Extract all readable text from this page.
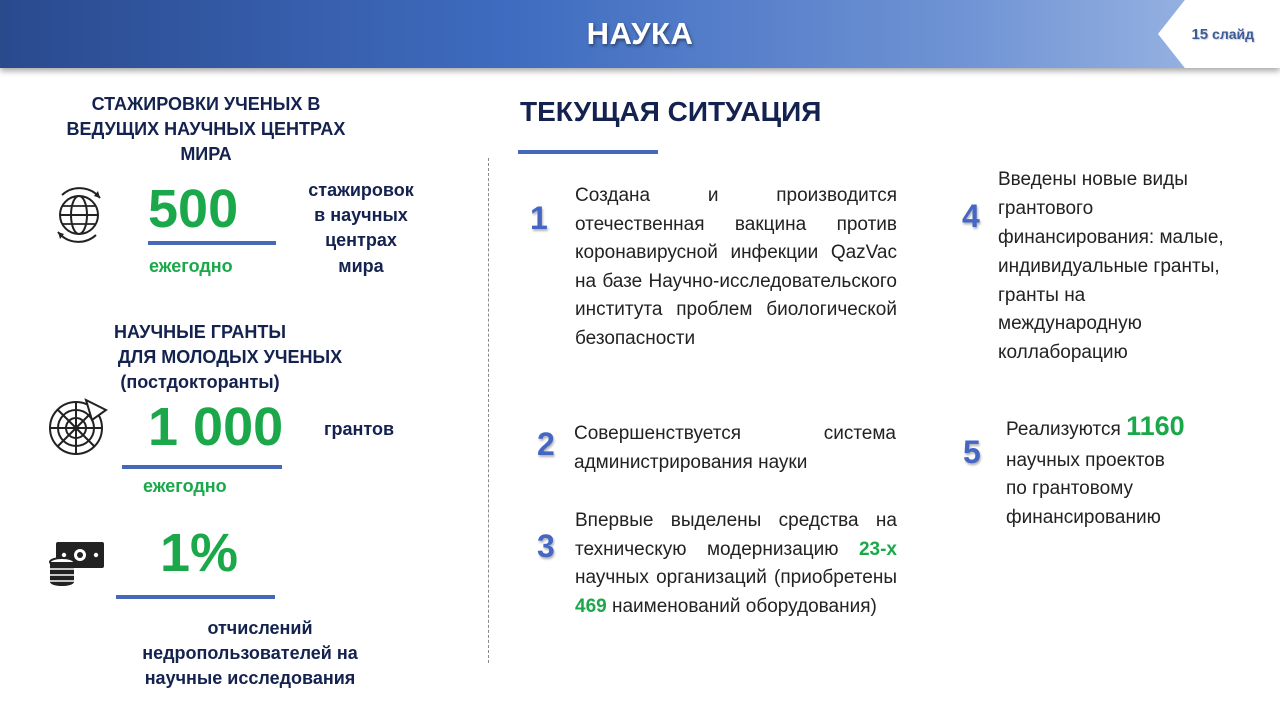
НАУКА	15 слайд
СТАЖИРОВКИ УЧЕНЫХ В
ВЕДУЩИХ НАУЧНЫХ ЦЕНТРАХ
МИРА
500
ежегодно
стажировок
в научных
центрах
мира
НАУЧНЫЕ ГРАНТЫ
ДЛЯ МОЛОДЫХ УЧЕНЫХ
(постдокторанты)
1 000
ежегодно
грантов
1%
отчислений
недропользователей на
научные исследования
ТЕКУЩАЯ СИТУАЦИЯ
1
Создана и производится отечественная вакцина против коронавирусной инфекции QazVac на базе Научно-исследовательского института проблем биологической безопасности
2 Совершенствуется система администрирования науки
3
Впервые выделены средства на техническую модернизацию 23-х научных организаций (приобретены 469 наименований оборудования)
4
Введены новые виды
грантового
финансирования: малые,
индивидуальные гранты,
гранты на
международную
коллаборацию
5
Реализуются 1160
научных проектов
по грантовому
финансированию
